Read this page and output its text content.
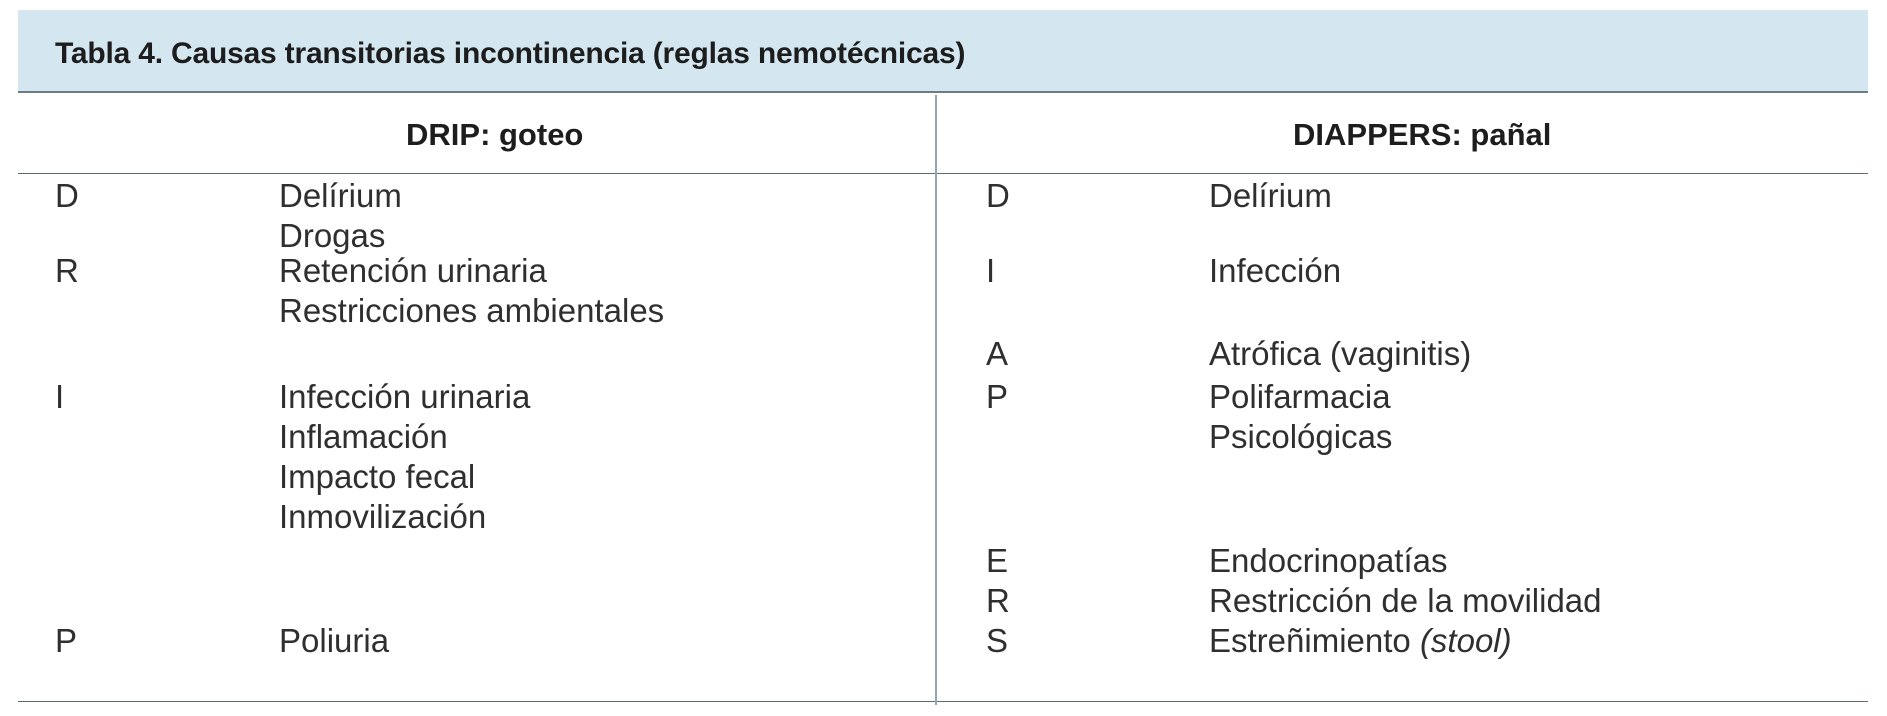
Tabla 4. Causas transitorias incontinencia (reglas nemotécnicas)
DRIP: goteo	DIAPPERS: pañal
D
R
I
P
Delírium
Drogas
Retención urinaria
Restricciones ambientales
Infección urinaria
Inflamación
Impacto fecal
Inmovilización
Poliuria
D
I
A
P
E
R
S
Delírium
Infección
Atrófica (vaginitis)
Polifarmacia
Psicológicas
Endocrinopatías
Restricción de la movilidad
Estreñimiento (stool)
